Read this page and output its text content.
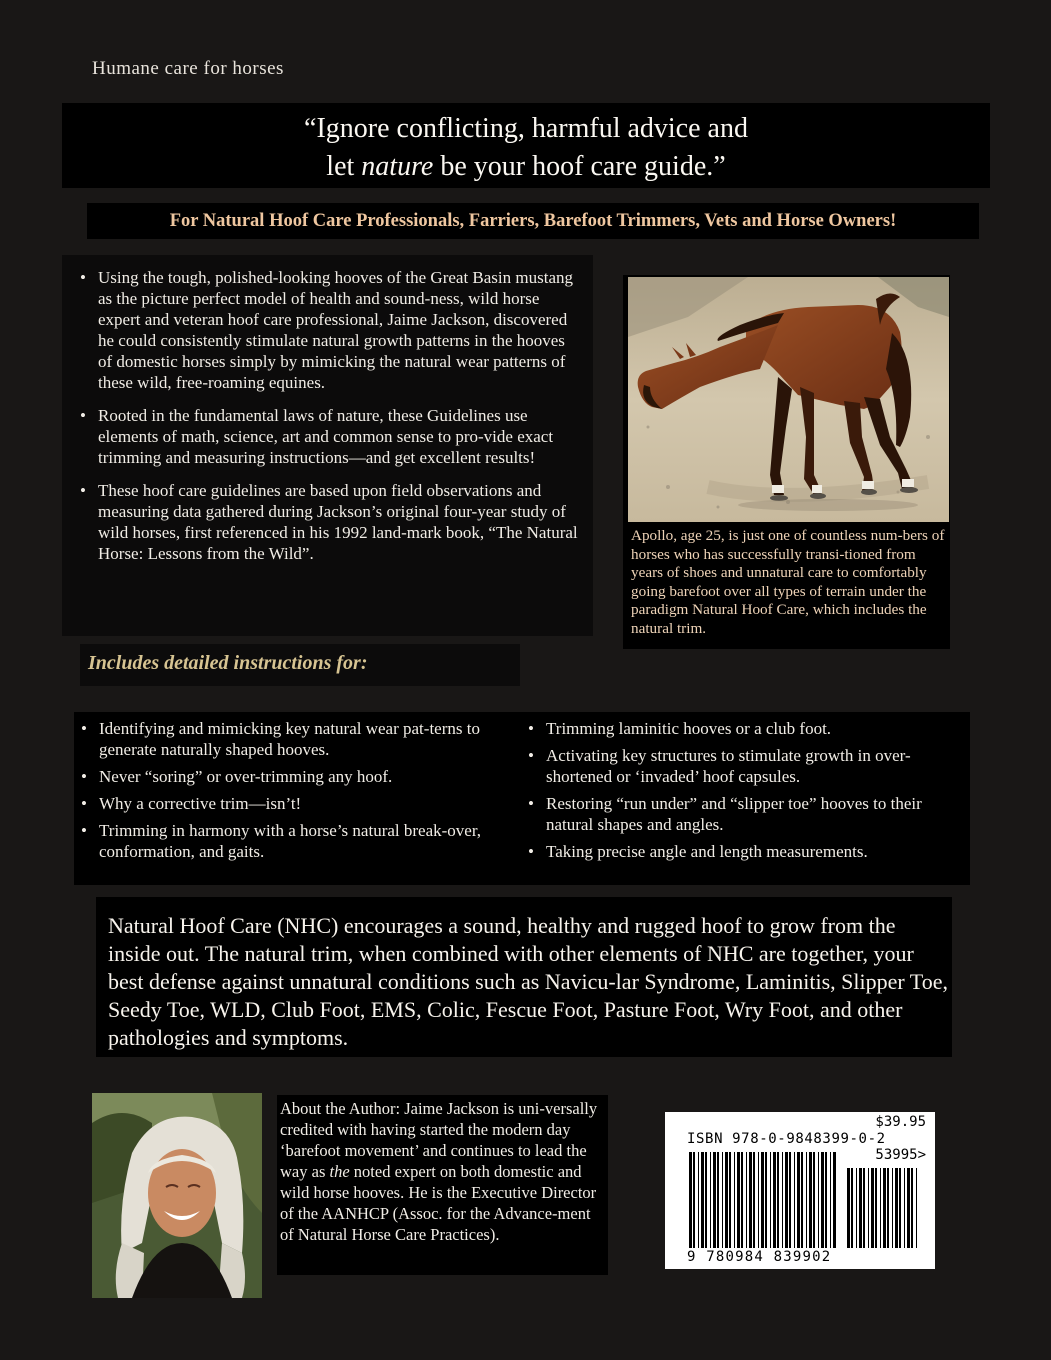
Humane care for horses
“Ignore conflicting, harmful advice and
let nature be your hoof care guide.”
For Natural Hoof Care Professionals, Farriers, Barefoot Trimmers, Vets and Horse Owners!
• Using the tough, polished-looking hooves of the Great Basin mustang as the picture perfect model of health and sound-ness, wild horse expert and veteran hoof care professional, Jaime Jackson, discovered he could consistently stimulate natural growth patterns in the hooves of domestic horses simply by mimicking the natural wear patterns of these wild, free-roaming equines.
• Rooted in the fundamental laws of nature, these Guidelines use elements of math, science, art and common sense to pro-vide exact trimming and measuring instructions—and get excellent results!
• These hoof care guidelines are based upon field observations and measuring data gathered during Jackson’s original four-year study of wild horses, first referenced in his 1992 land-mark book, “The Natural Horse: Lessons from the Wild”.
Apollo, age 25, is just one of countless num-bers of horses who has successfully transi-tioned from years of shoes and unnatural care to comfortably going barefoot over all types of terrain under the paradigm Natural Hoof Care, which includes the natural trim.
Includes detailed instructions for:
• Identifying and mimicking key natural wear pat-terns to generate naturally shaped hooves.
• Never “soring” or over-trimming any hoof.
• Why a corrective trim—isn’t!
• Trimming in harmony with a horse’s natural break-over, conformation, and gaits.
• Trimming laminitic hooves or a club foot.
• Activating key structures to stimulate growth in over-shortened or ‘invaded’ hoof capsules.
• Restoring “run under” and “slipper toe” hooves to their natural shapes and angles.
• Taking precise angle and length measurements.
Natural Hoof Care (NHC) encourages a sound, healthy and rugged hoof to grow from the inside out. The natural trim, when combined with other elements of NHC are together, your best defense against unnatural conditions such as Navicu-lar Syndrome, Laminitis, Slipper Toe, Seedy Toe, WLD, Club Foot, EMS, Colic, Fescue Foot, Pasture Foot, Wry Foot, and other pathologies and symptoms.
About the Author: Jaime Jackson is uni-versally credited with having started the modern day ‘barefoot movement’ and continues to lead the way as the noted expert on both domestic and wild horse hooves. He is the Executive Director of the AANHCP (Assoc. for the Advance-ment of Natural Horse Care Practices).
$39.95
ISBN 978-0-9848399-0-2
53995>
9 780984 839902
